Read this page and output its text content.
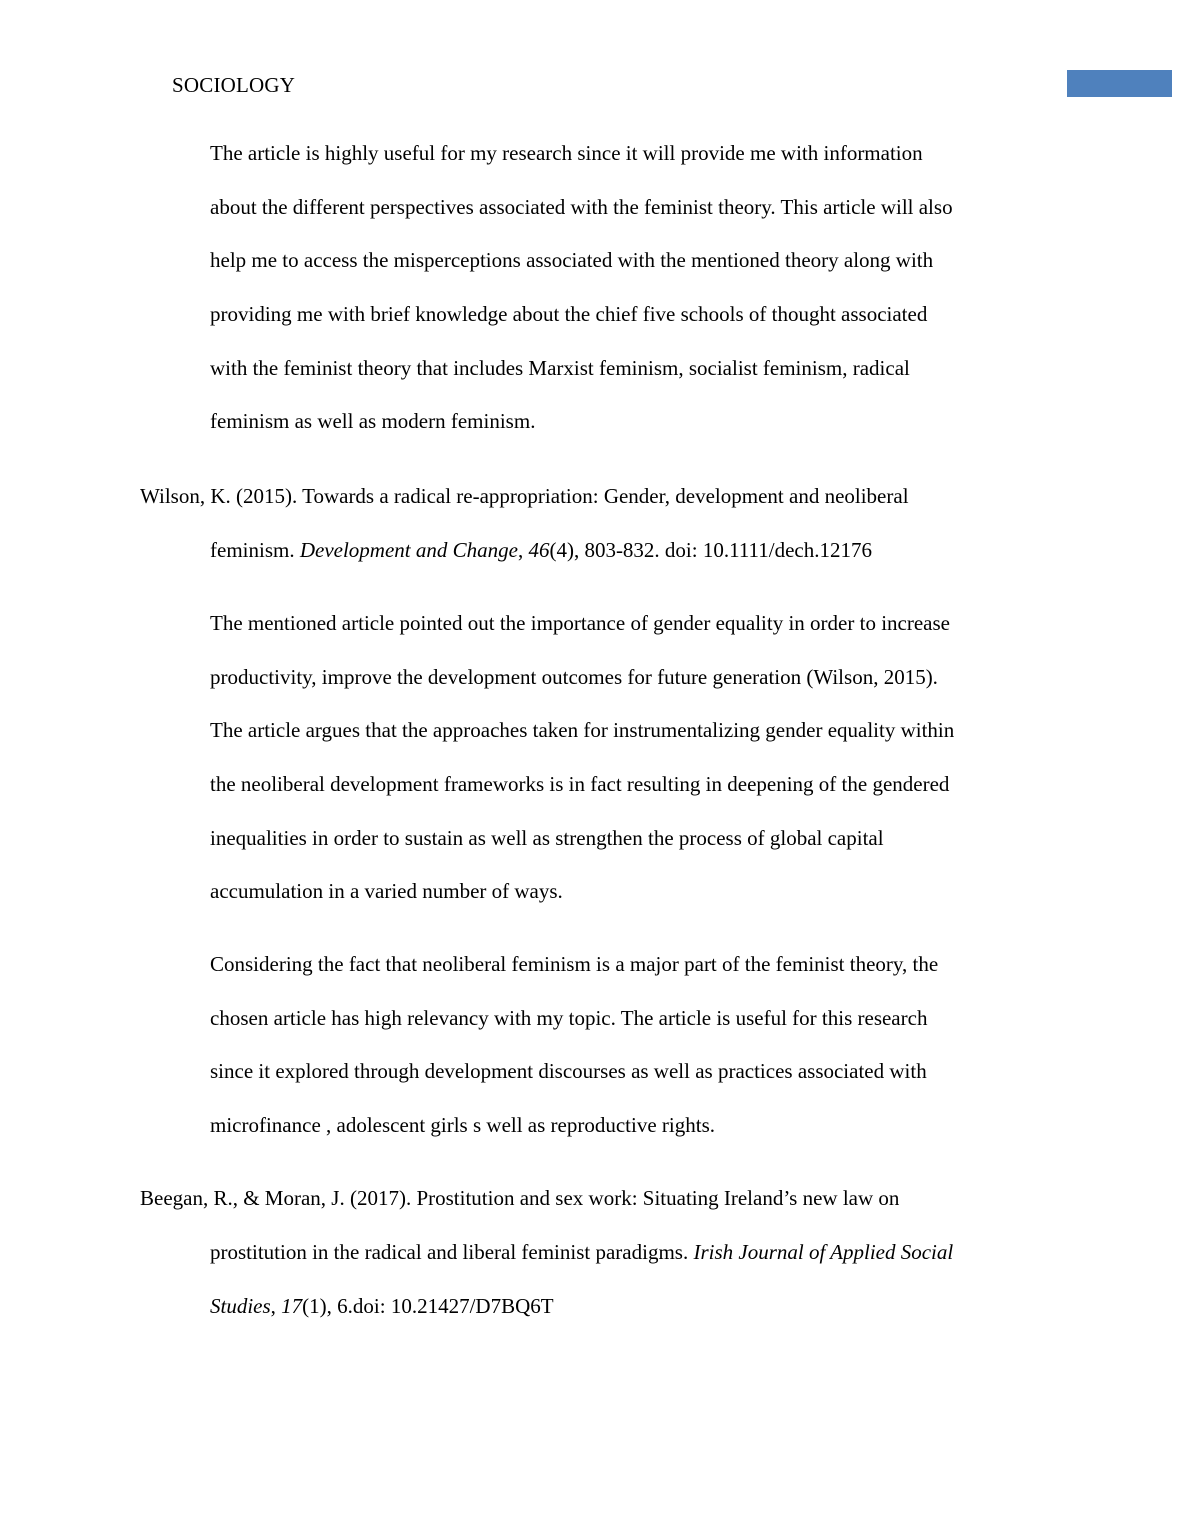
SOCIOLOGY
The article is highly useful for my research since it will provide me with information
about the different perspectives associated with the feminist theory. This article will also
help me to access the misperceptions associated with the mentioned theory along with
providing me with brief knowledge about the chief five schools of thought associated
with the feminist theory that includes Marxist feminism, socialist feminism, radical
feminism as well as modern feminism.
Wilson, K. (2015). Towards a radical re-appropriation: Gender, development and neoliberal
feminism. Development and Change, 46(4), 803-832. doi: 10.1111/dech.12176
The mentioned article pointed out the importance of gender equality in order to increase
productivity, improve the development outcomes for future generation (Wilson, 2015).
The article argues that the approaches taken for instrumentalizing gender equality within
the neoliberal development frameworks is in fact resulting in deepening of the gendered
inequalities in order to sustain as well as strengthen the process of global capital
accumulation in a varied number of ways.
Considering the fact that neoliberal feminism is a major part of the feminist theory, the
chosen article has high relevancy with my topic. The article is useful for this research
since it explored through development discourses as well as practices associated with
microfinance , adolescent girls s well as reproductive rights.
Beegan, R., & Moran, J. (2017). Prostitution and sex work: Situating Ireland’s new law on
prostitution in the radical and liberal feminist paradigms. Irish Journal of Applied Social
Studies, 17(1), 6.doi: 10.21427/D7BQ6T
